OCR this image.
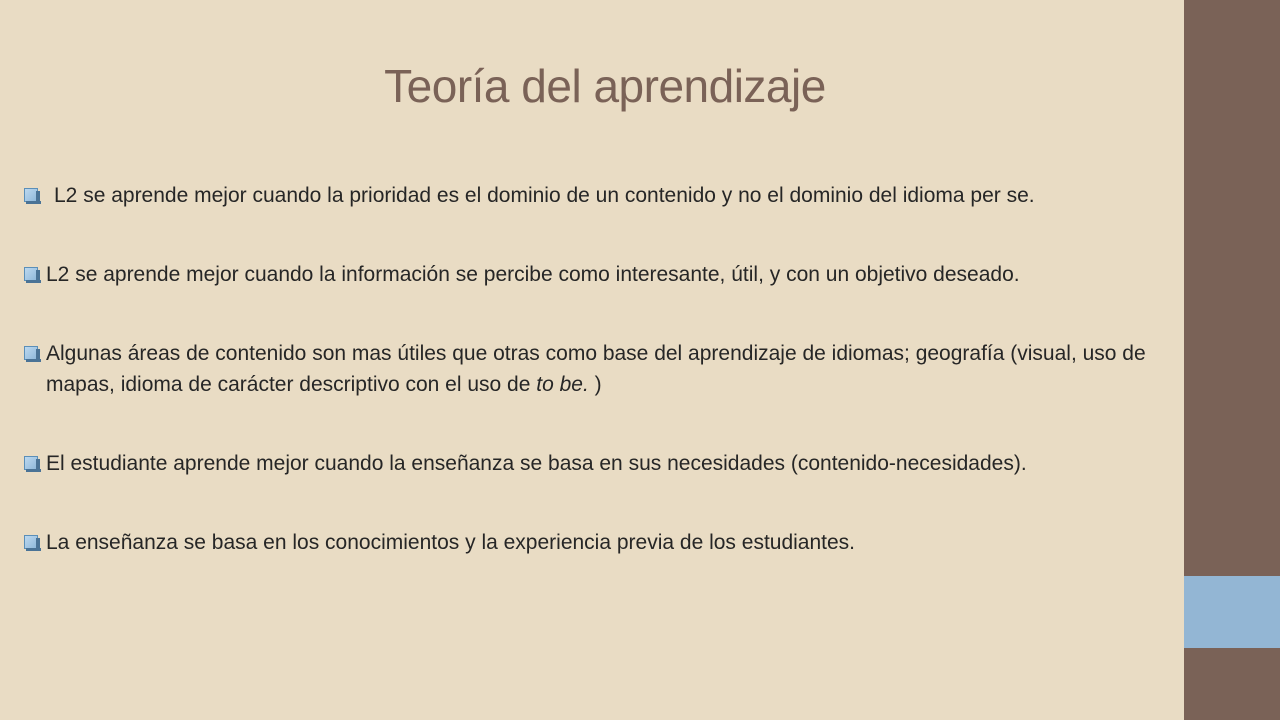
Teoría del aprendizaje
L2 se aprende mejor cuando la prioridad es el dominio de un contenido y no el dominio del idioma per se.
L2 se aprende mejor cuando la información se percibe como interesante, útil, y con un objetivo deseado.
Algunas áreas de contenido son mas útiles que otras como base del aprendizaje de idiomas; geografía (visual, uso de mapas, idioma de carácter descriptivo con el uso de to be. )
El estudiante aprende mejor cuando la enseñanza se basa en sus necesidades (contenido-necesidades).
La enseñanza se basa en los conocimientos y la experiencia previa de los estudiantes.
